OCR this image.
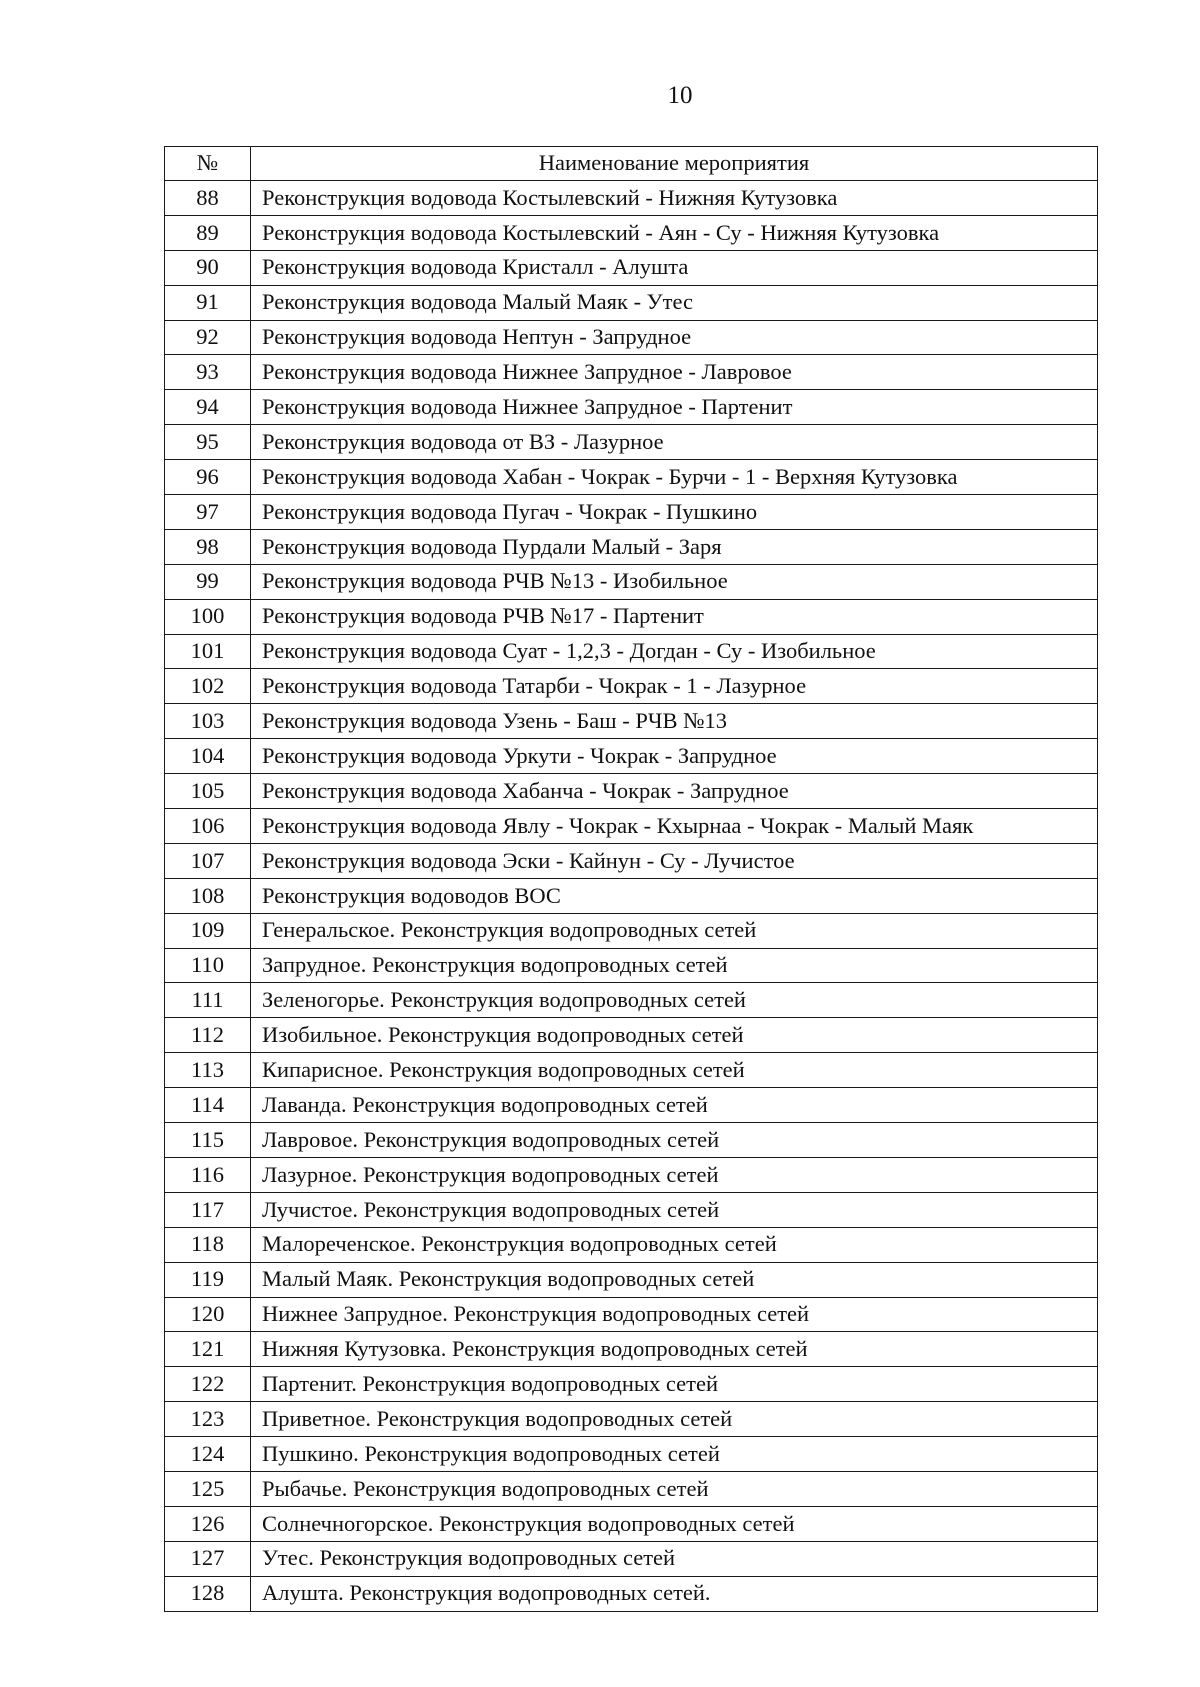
10
№	Наименование мероприятия
88	Реконструкция водовода Костылевский - Нижняя Кутузовка
89	Реконструкция водовода Костылевский - Аян - Су - Нижняя Кутузовка
90	Реконструкция водовода Кристалл - Алушта
91	Реконструкция водовода Малый Маяк - Утес
92	Реконструкция водовода Нептун - Запрудное
93	Реконструкция водовода Нижнее Запрудное - Лавровое
94	Реконструкция водовода Нижнее Запрудное - Партенит
95	Реконструкция водовода от ВЗ - Лазурное
96	Реконструкция водовода Хабан - Чокрак - Бурчи - 1 - Верхняя Кутузовка
97	Реконструкция водовода Пугач - Чокрак - Пушкино
98	Реконструкция водовода Пурдали Малый - Заря
99	Реконструкция водовода РЧВ №13 - Изобильное
100	Реконструкция водовода РЧВ №17 - Партенит
101	Реконструкция водовода Суат - 1,2,3 - Догдан - Су - Изобильное
102	Реконструкция водовода Татарби - Чокрак - 1 - Лазурное
103	Реконструкция водовода Узень - Баш - РЧВ №13
104	Реконструкция водовода Уркути - Чокрак - Запрудное
105	Реконструкция водовода Хабанча - Чокрак - Запрудное
106	Реконструкция водовода Явлу - Чокрак - Кхырнаа - Чокрак - Малый Маяк
107	Реконструкция водовода Эски - Кайнун - Су - Лучистое
108	Реконструкция водоводов ВОС
109	Генеральское. Реконструкция водопроводных сетей
110	Запрудное. Реконструкция водопроводных сетей
111	Зеленогорье. Реконструкция водопроводных сетей
112	Изобильное. Реконструкция водопроводных сетей
113	Кипарисное. Реконструкция водопроводных сетей
114	Лаванда. Реконструкция водопроводных сетей
115	Лавровое. Реконструкция водопроводных сетей
116	Лазурное. Реконструкция водопроводных сетей
117	Лучистое. Реконструкция водопроводных сетей
118	Малореченское. Реконструкция водопроводных сетей
119	Малый Маяк. Реконструкция водопроводных сетей
120	Нижнее Запрудное. Реконструкция водопроводных сетей
121	Нижняя Кутузовка. Реконструкция водопроводных сетей
122	Партенит. Реконструкция водопроводных сетей
123	Приветное. Реконструкция водопроводных сетей
124	Пушкино. Реконструкция водопроводных сетей
125	Рыбачье. Реконструкция водопроводных сетей
126	Солнечногорское. Реконструкция водопроводных сетей
127	Утес. Реконструкция водопроводных сетей
128	Алушта. Реконструкция водопроводных сетей.
